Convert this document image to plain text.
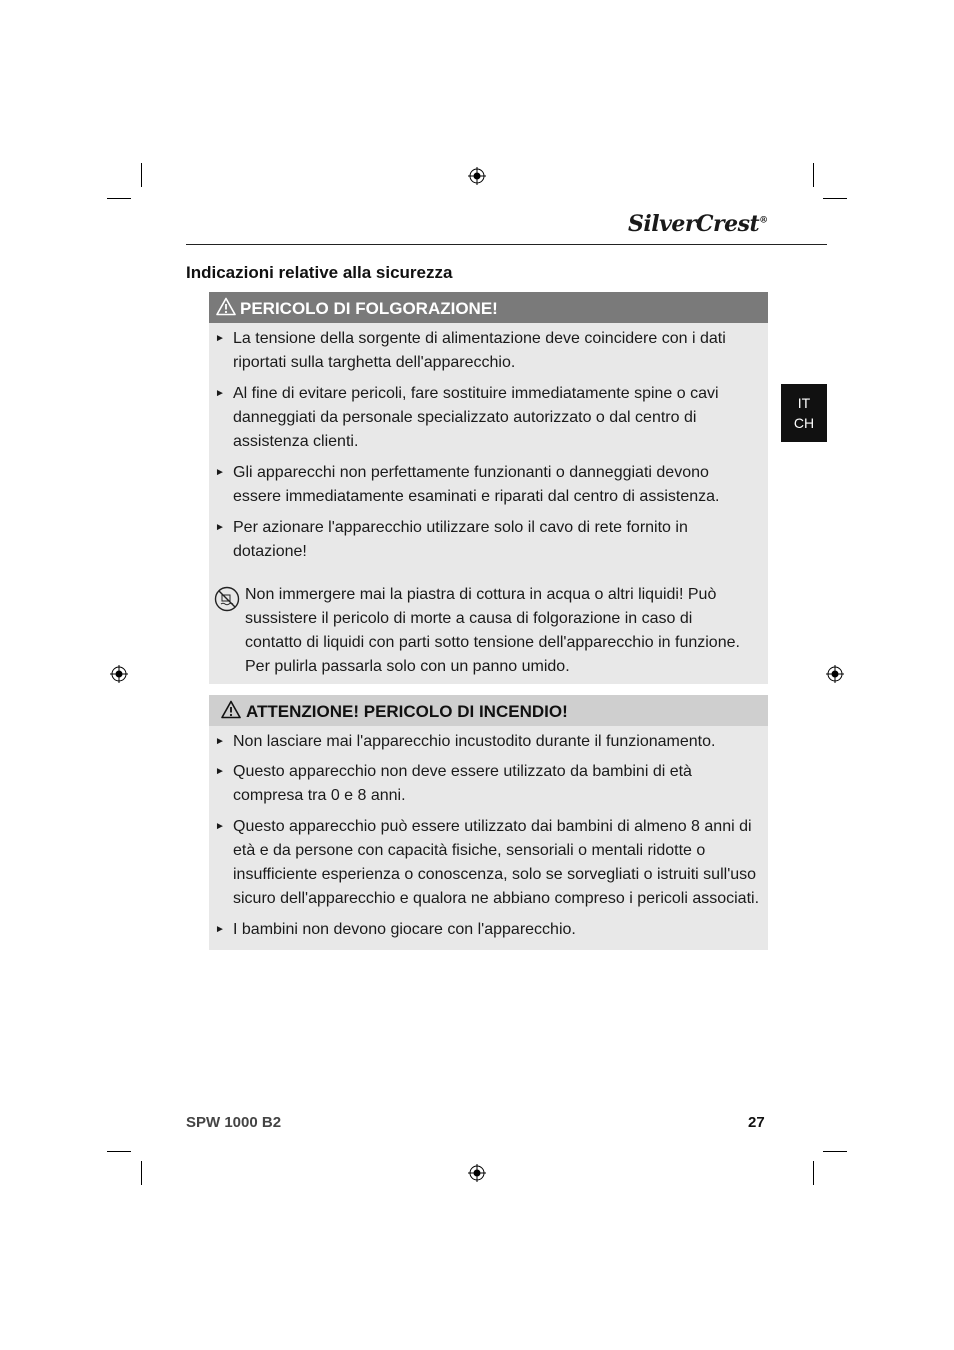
SilverCrest®
Indicazioni relative alla sicurezza
IT
CH
PERICOLO DI FOLGORAZIONE!
► La tensione della sorgente di alimentazione deve coincidere con i dati riportati sulla targhetta dell'apparecchio.
► Al fine di evitare pericoli, fare sostituire immediatamente spine o cavi danneggiati da personale specializzato autorizzato o dal centro di assistenza clienti.
► Gli apparecchi non perfettamente funzionanti o danneggiati devono essere immediatamente esaminati e riparati dal centro di assistenza.
► Per azionare l'apparecchio utilizzare solo il cavo di rete fornito in dotazione!
Non immergere mai la piastra di cottura in acqua o altri liquidi! Può sussistere il pericolo di morte a causa di folgorazione in caso di contatto di liquidi con parti sotto tensione dell'apparecchio in funzione. Per pulirla passarla solo con un panno umido.
ATTENZIONE! PERICOLO DI INCENDIO!
► Non lasciare mai l'apparecchio incustodito durante il funzionamento.
► Questo apparecchio non deve essere utilizzato da bambini di età compresa tra 0 e 8 anni.
► Questo apparecchio può essere utilizzato dai bambini di almeno 8 anni di età e da persone con capacità fisiche, sensoriali o mentali ridotte o insufficiente esperienza o conoscenza, solo se sorvegliati o istruiti sull'uso sicuro dell'apparecchio e qualora ne abbiano compreso i pericoli associati.
► I bambini non devono giocare con l'apparecchio.
SPW 1000 B2	27
